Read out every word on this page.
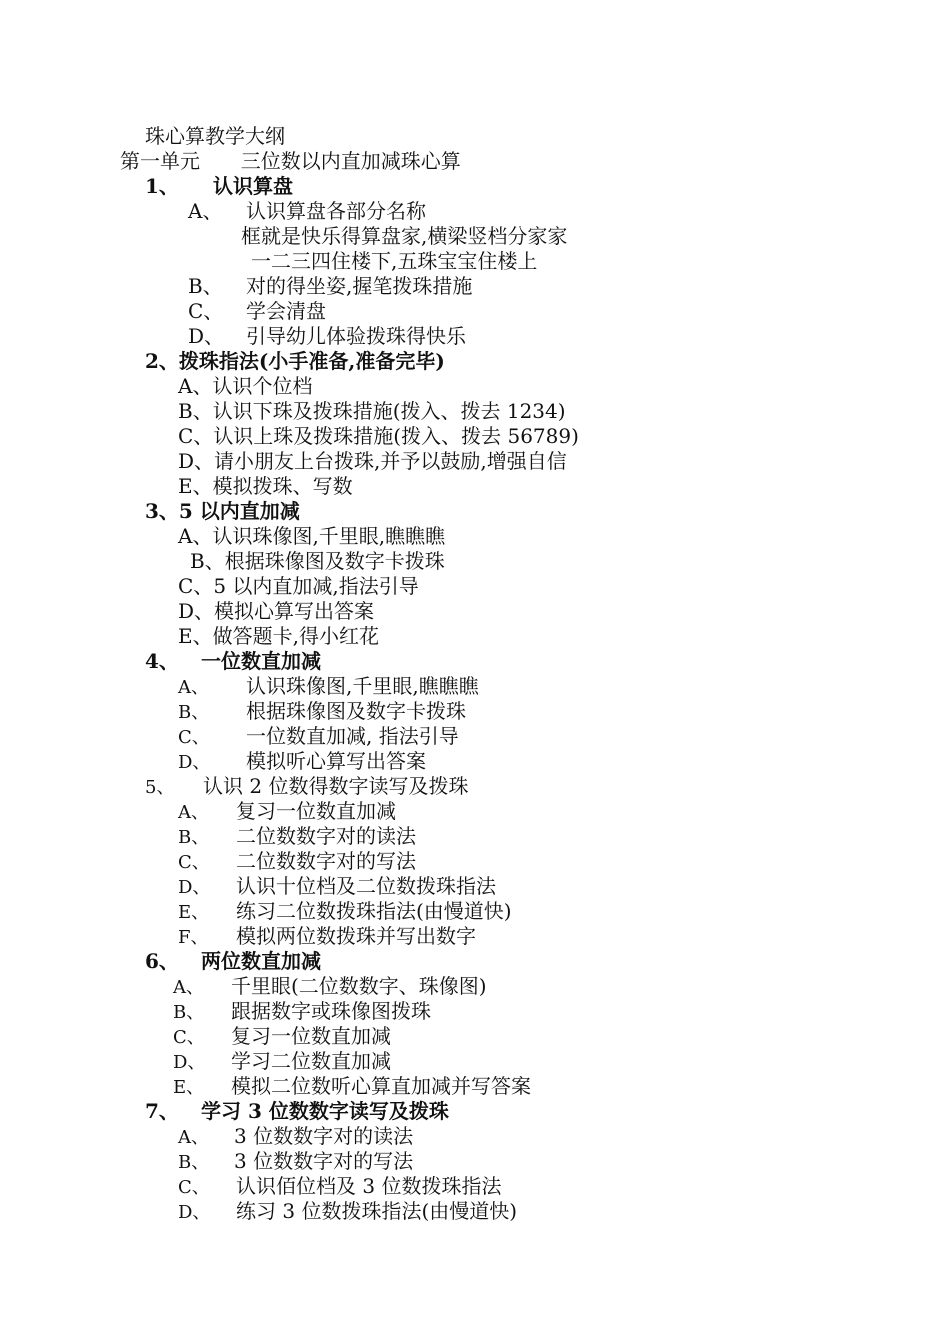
珠心算教学大纲
第一单元 三位数以内直加减珠心算
1、 认识算盘
A、 认识算盘各部分名称
框就是快乐得算盘家,横梁竖档分家家
一二三四住楼下,五珠宝宝住楼上
B、 对的得坐姿,握笔拨珠措施
C、 学会清盘
D、 引导幼儿体验拨珠得快乐
2、拨珠指法(小手准备,准备完毕)
A、认识个位档
B、认识下珠及拨珠措施(拨入、拨去 1234)
C、认识上珠及拨珠措施(拨入、拨去 56789)
D、请小朋友上台拨珠,并予以鼓励,增强自信
E、模拟拨珠、写数
3、5 以内直加减
A、认识珠像图,千里眼,瞧瞧瞧
B、根据珠像图及数字卡拨珠
C、5 以内直加减,指法引导
D、模拟心算写出答案
E、做答题卡,得小红花
4、 一位数直加减
A、 认识珠像图,千里眼,瞧瞧瞧
B、 根据珠像图及数字卡拨珠
C、 一位数直加减, 指法引导
D、 模拟听心算写出答案
5、 认识 2 位数得数字读写及拨珠
A、 复习一位数直加减
B、 二位数数字对的读法
C、 二位数数字对的写法
D、 认识十位档及二位数拨珠指法
E、 练习二位数拨珠指法(由慢道快)
F、 模拟两位数拨珠并写出数字
6、 两位数直加减
A、 千里眼(二位数数字、珠像图)
B、 跟据数字或珠像图拨珠
C、 复习一位数直加减
D、 学习二位数直加减
E、 模拟二位数听心算直加减并写答案
7、 学习 3 位数数字读写及拨珠
A、 3 位数数字对的读法
B、 3 位数数字对的写法
C、 认识佰位档及 3 位数拨珠指法
D、 练习 3 位数拨珠指法(由慢道快)
